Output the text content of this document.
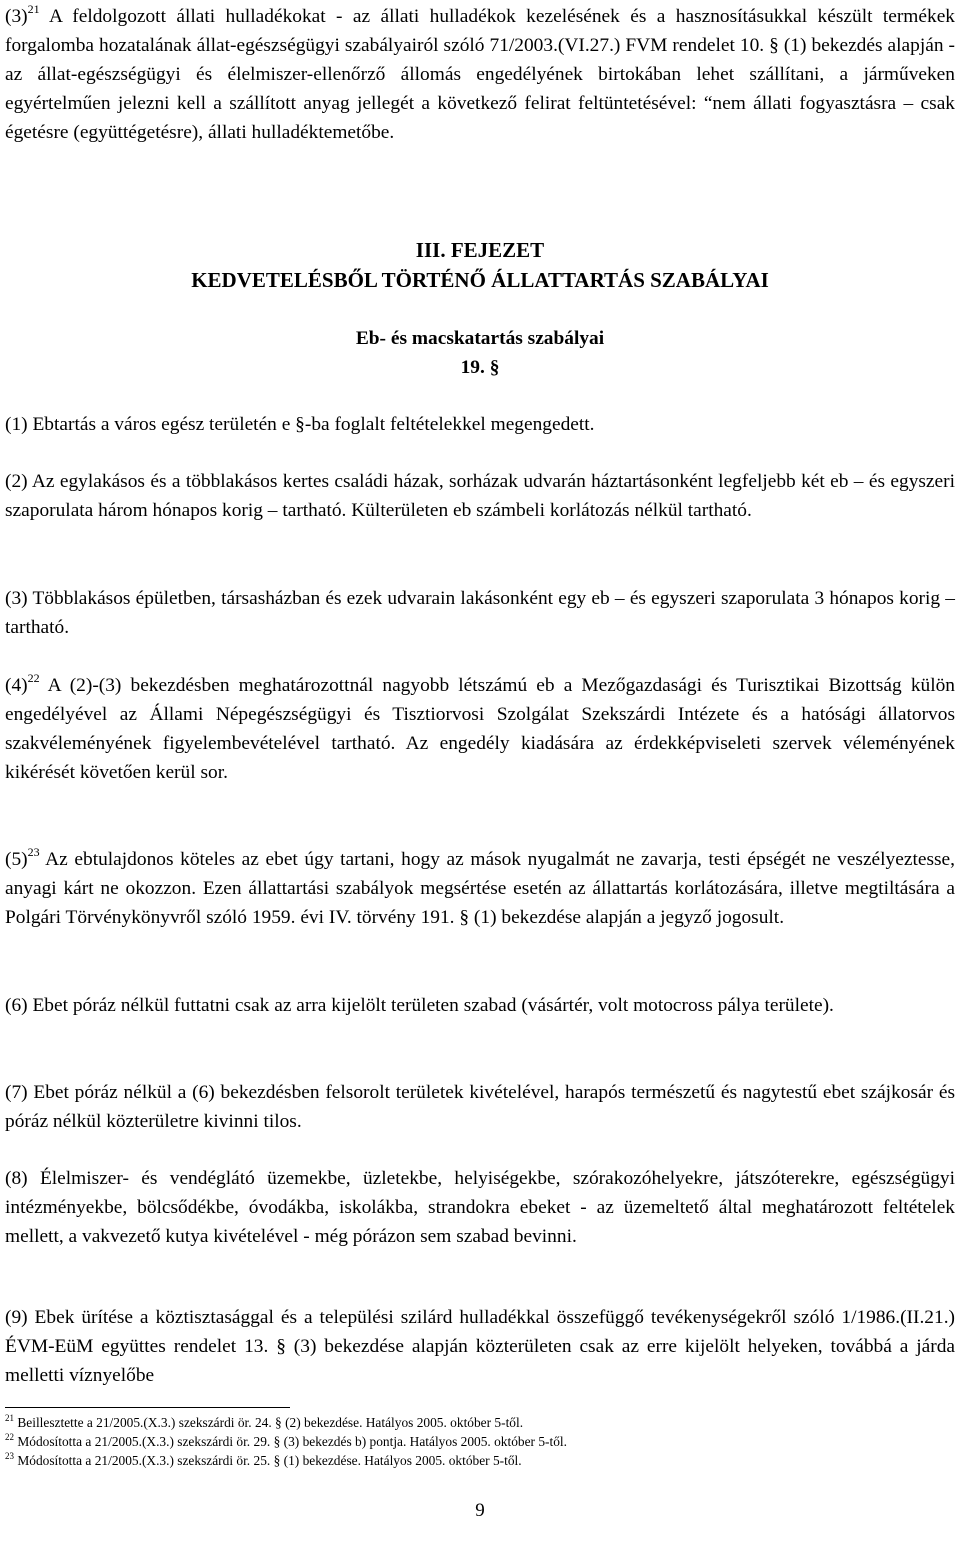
$(3)^{21}$ A feldolgozott állati hulladékokat - az állati hulladékok kezelésének és a hasznosításukkal készült termékek forgalomba hozatalának állat-egészségügyi szabályairól szóló 71/2003.(VI.27.) FVM rendelet 10. § (1) bekezdés alapján - az állat-egészségügyi és élelmiszer-ellenőrző állomás engedélyének birtokában lehet szállítani, a járműveken egyértelműen jelezni kell a szállított anyag jellegét a következő felirat feltüntetésével: “nem állati fogyasztásra – csak égetésre (együttégetésre), állati hulladéktemetőbe.
III. FEJEZET
KEDVETELÉSBŐL TÖRTÉNŐ ÁLLATTARTÁS SZABÁLYAI
Eb- és macskatartás szabályai
19. §
(1) Ebtartás a város egész területén e §-ba foglalt feltételekkel megengedett.
(2) Az egylakásos és a többlakásos kertes családi házak, sorházak udvarán háztartásonként legfeljebb két eb – és egyszeri szaporulata három hónapos korig – tartható. Külterületen eb számbeli korlátozás nélkül tartható.
(3) Többlakásos épületben, társasházban és ezek udvarain lakásonként egy eb – és egyszeri szaporulata 3 hónapos korig – tartható.
$(4)^{22}$ A (2)-(3) bekezdésben meghatározottnál nagyobb létszámú eb a Mezőgazdasági és Turisztikai Bizottság külön engedélyével az Állami Népegészségügyi és Tisztiorvosi Szolgálat Szekszárdi Intézete és a hatósági állatorvos szakvéleményének figyelembevételével tartható. Az engedély kiadására az érdekképviseleti szervek véleményének kikérését követően kerül sor.
$(5)^{23}$ Az ebtulajdonos köteles az ebet úgy tartani, hogy az mások nyugalmát ne zavarja, testi épségét ne veszélyeztesse, anyagi kárt ne okozzon. Ezen állattartási szabályok megsértése esetén az állattartás korlátozására, illetve megtiltására a Polgári Törvénykönyvről szóló 1959. évi IV. törvény 191. § (1) bekezdése alapján a jegyző jogosult.
(6) Ebet póráz nélkül futtatni csak az arra kijelölt területen szabad (vásártér, volt motocross pálya területe).
(7) Ebet póráz nélkül a (6) bekezdésben felsorolt területek kivételével, harapós természetű és nagytestű ebet szájkosár és póráz nélkül közterületre kivinni tilos.
(8) Élelmiszer- és vendéglátó üzemekbe, üzletekbe, helyiségekbe, szórakozóhelyekre, játszóterekre, egészségügyi intézményekbe, bölcsődékbe, óvodákba, iskolákba, strandokra ebeket - az üzemeltető által meghatározott feltételek mellett, a vakvezető kutya kivételével - még pórázon sem szabad bevinni.
(9) Ebek ürítése a köztisztasággal és a települési szilárd hulladékkal összefüggő tevékenységekről szóló 1/1986.(II.21.) ÉVM-EüM együttes rendelet 13. § (3) bekezdése alapján közterületen csak az erre kijelölt helyeken, továbbá a járda melletti víznyelőbe
$^{21}$ Beillesztette a 21/2005.(X.3.) szekszárdi ör. 24. § (2) bekezdése. Hatályos 2005. október 5-től.
$^{22}$ Módosította a 21/2005.(X.3.) szekszárdi ör. 29. § (3) bekezdés b) pontja. Hatályos 2005. október 5-től.
$^{23}$ Módosította a 21/2005.(X.3.) szekszárdi ör. 25. § (1) bekezdése. Hatályos 2005. október 5-től.
9
